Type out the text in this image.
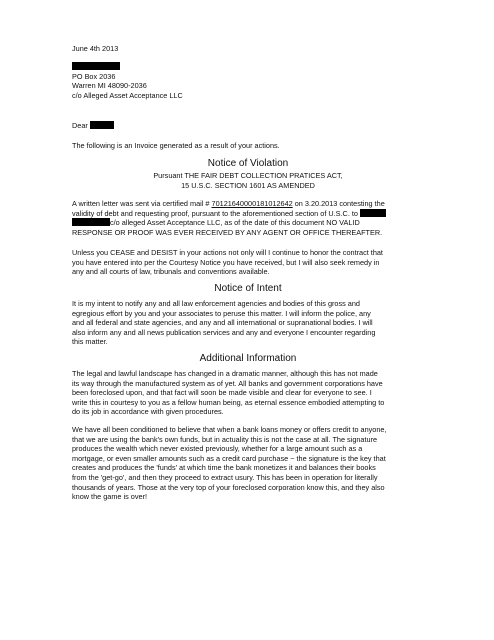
June 4th 2013
PO Box 2036
Warren MI 48090-2036
c/o Alleged Asset Acceptance LLC
Dear
The following is an Invoice generated as a result of your actions.
Notice of Violation
Pursuant THE FAIR DEBT COLLECTION PRATICES ACT,
15 U.S.C. SECTION 1601 AS AMENDED
A written letter was sent via certified mail # 70121640000181012642 on 3.20.2013 contesting the
validity of debt and requesting proof, pursuant to the aforementioned section of U.S.C. to
c/o alleged Asset Acceptance LLC, as of the date of this document NO VALID
RESPONSE OR PROOF WAS EVER RECEIVED BY ANY AGENT OR OFFICE THEREAFTER.
Unless you CEASE and DESIST in your actions not only will I continue to honor the contract that
you have entered into per the Courtesy Notice you have received, but I will also seek remedy in
any and all courts of law, tribunals and conventions available.
Notice of Intent
It is my intent to notify any and all law enforcement agencies and bodies of this gross and
egregious effort by you and your associates to peruse this matter. I will inform the police, any
and all federal and state agencies, and any and all international or supranational bodies. I will
also inform any and all news publication services and any and everyone I encounter regarding
this matter.
Additional Information
The legal and lawful landscape has changed in a dramatic manner, although this has not made
its way through the manufactured system as of yet. All banks and government corporations have
been foreclosed upon, and that fact will soon be made visible and clear for everyone to see. I
write this in courtesy to you as a fellow human being, as eternal essence embodied attempting to
do its job in accordance with given procedures.
We have all been conditioned to believe that when a bank loans money or offers credit to anyone,
that we are using the bank's own funds, but in actuality this is not the case at all. The signature
produces the wealth which never existed previously, whether for a large amount such as a
mortgage, or even smaller amounts such as a credit card purchase ~ the signature is the key that
creates and produces the 'funds' at which time the bank monetizes it and balances their books
from the 'get-go', and then they proceed to extract usury. This has been in operation for literally
thousands of years. Those at the very top of your foreclosed corporation know this, and they also
know the game is over!
